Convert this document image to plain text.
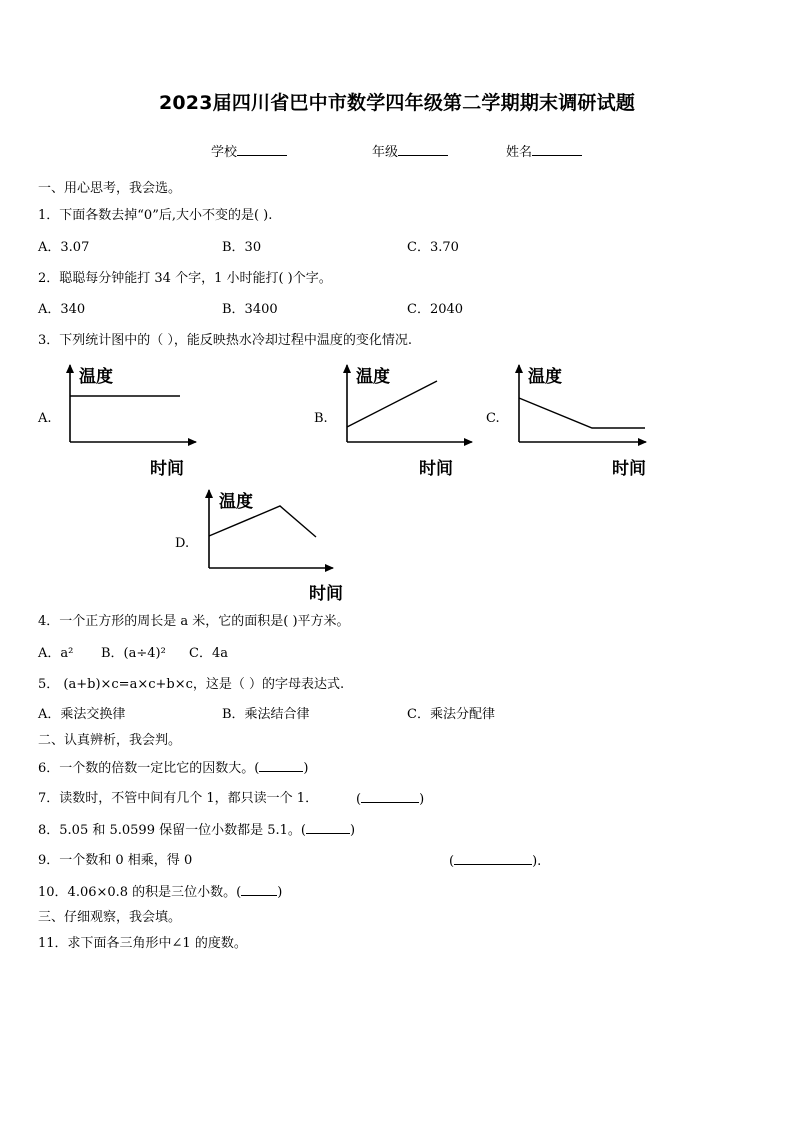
2023届四川省巴中市数学四年级第二学期期末调研试题
学校	年级	姓名
一、用心思考，我会选。
1．下面各数去掉“0”后,大小不变的是( ).
A．3.07	B．30	C．3.70
2．聪聪每分钟能打 34 个字，1 小时能打( )个字。
A．340	B．3400	C．2040
3．下列统计图中的（ ），能反映热水冷却过程中温度的变化情况.
A.	B.	C.
D.
温度
时间
温度
时间
温度
时间
温度
时间
4．一个正方形的周长是 a 米，它的面积是( )平方米。
A．a² B．(a÷4)² C．4a
5． (a+b)×c=a×c+b×c，这是（ ）的字母表达式.
A．乘法交换律	B．乘法结合律	C．乘法分配律
二、认真辨析，我会判。
6．一个数的倍数一定比它的因数大。(	)
7．读数时，不管中间有几个 1，都只读一个 1．	(	)
8．5.05 和 5.0599 保留一位小数都是 5.1。(	)
9．一个数和 0 相乘，得 0	(	).
10．4.06×0.8 的积是三位小数。(	)
三、仔细观察，我会填。
11．求下面各三角形中∠1 的度数。
